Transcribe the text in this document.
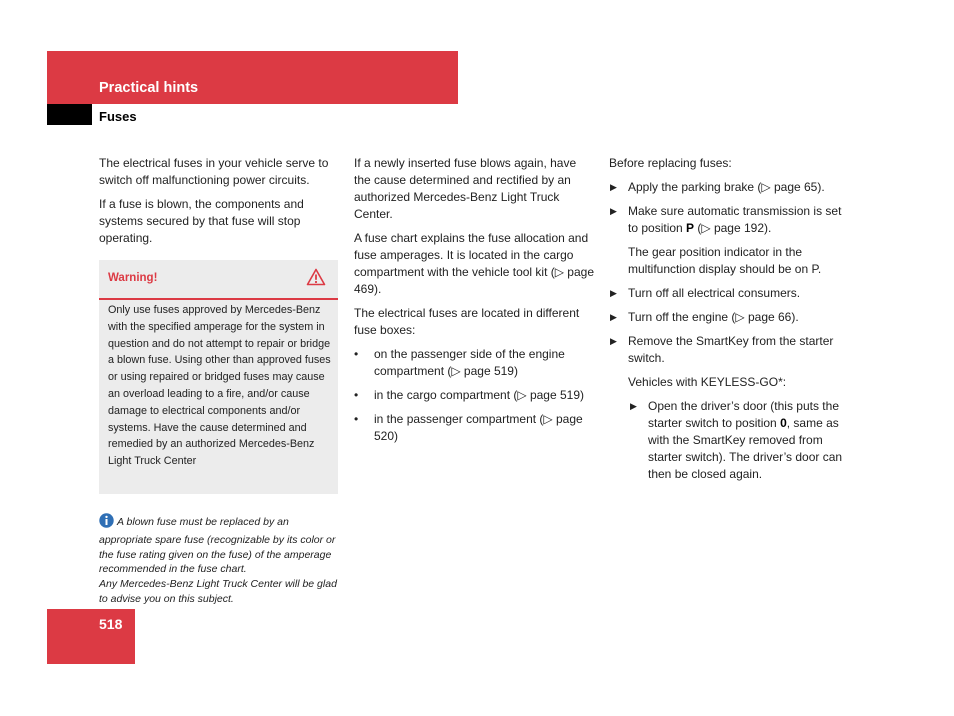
Practical hints
Fuses

The electrical fuses in your vehicle serve to switch off malfunctioning power circuits.

If a fuse is blown, the components and systems secured by that fuse will stop operating.

Warning!
Only use fuses approved by Mercedes-Benz with the specified amperage for the system in question and do not attempt to repair or bridge a blown fuse. Using other than approved fuses or using repaired or bridged fuses may cause an overload leading to a fire, and/or cause damage to electrical components and/or systems. Have the cause determined and remedied by an authorized Mercedes-Benz Light Truck Center
A blown fuse must be replaced by an appropriate spare fuse (recognizable by its color or the fuse rating given on the fuse) of the amperage recommended in the fuse chart.
Any Mercedes-Benz Light Truck Center will be glad to advise you on this subject.

If a newly inserted fuse blows again, have the cause determined and rectified by an authorized Mercedes-Benz Light Truck Center.

A fuse chart explains the fuse allocation and fuse amperages. It is located in the cargo compartment with the vehicle tool kit (▷ page 469).

The electrical fuses are located in different fuse boxes:

• on the passenger side of the engine compartment (▷ page 519)
• in the cargo compartment (▷ page 519)
• in the passenger compartment (▷ page 520)

Before replacing fuses:

▶ Apply the parking brake (▷ page 65).
▶ Make sure automatic transmission is set to position P (▷ page 192).
The gear position indicator in the multifunction display should be on P.
▶ Turn off all electrical consumers.
▶ Turn off the engine (▷ page 66).
▶ Remove the SmartKey from the starter switch.
Vehicles with KEYLESS-GO*:
▶ Open the driver’s door (this puts the starter switch to position 0, same as with the SmartKey removed from starter switch). The driver’s door can then be closed again.
518
